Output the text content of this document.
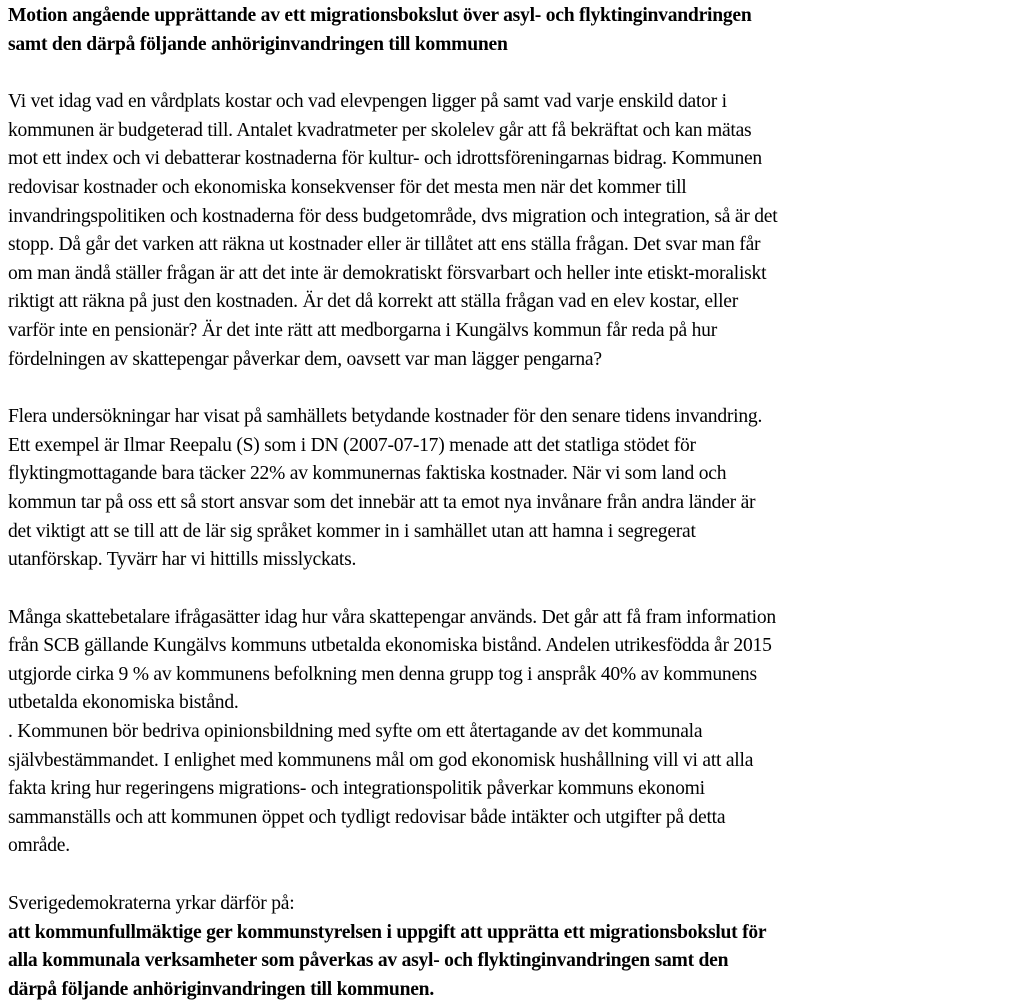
Motion angående upprättande av ett migrationsbokslut över asyl- och flyktinginvandringen
samt den därpå följande anhöriginvandringen till kommunen

Vi vet idag vad en vårdplats kostar och vad elevpengen ligger på samt vad varje enskild dator i
kommunen är budgeterad till. Antalet kvadratmeter per skolelev går att få bekräftat och kan mätas
mot ett index och vi debatterar kostnaderna för kultur- och idrottsföreningarnas bidrag. Kommunen
redovisar kostnader och ekonomiska konsekvenser för det mesta men när det kommer till
invandringspolitiken och kostnaderna för dess budgetområde, dvs migration och integration, så är det
stopp. Då går det varken att räkna ut kostnader eller är tillåtet att ens ställa frågan. Det svar man får
om man ändå ställer frågan är att det inte är demokratiskt försvarbart och heller inte etiskt-moraliskt
riktigt att räkna på just den kostnaden. Är det då korrekt att ställa frågan vad en elev kostar, eller
varför inte en pensionär? Är det inte rätt att medborgarna i Kungälvs kommun får reda på hur
fördelningen av skattepengar påverkar dem, oavsett var man lägger pengarna?

Flera undersökningar har visat på samhällets betydande kostnader för den senare tidens invandring.
Ett exempel är Ilmar Reepalu (S) som i DN (2007-07-17) menade att det statliga stödet för
flyktingmottagande bara täcker 22% av kommunernas faktiska kostnader. När vi som land och
kommun tar på oss ett så stort ansvar som det innebär att ta emot nya invånare från andra länder är
det viktigt att se till att de lär sig språket kommer in i samhället utan att hamna i segregerat
utanförskap. Tyvärr har vi hittills misslyckats.

Många skattebetalare ifrågasätter idag hur våra skattepengar används. Det går att få fram information
från SCB gällande Kungälvs kommuns utbetalda ekonomiska bistånd. Andelen utrikesfödda år 2015
utgjorde cirka 9 % av kommunens befolkning men denna grupp tog i anspråk 40% av kommunens
utbetalda ekonomiska bistånd.
. Kommunen bör bedriva opinionsbildning med syfte om ett återtagande av det kommunala
självbestämmandet. I enlighet med kommunens mål om god ekonomisk hushållning vill vi att alla
fakta kring hur regeringens migrations- och integrationspolitik påverkar kommuns ekonomi
sammanställs och att kommunen öppet och tydligt redovisar både intäkter och utgifter på detta
område.

Sverigedemokraterna yrkar därför på:

att kommunfullmäktige ger kommunstyrelsen i uppgift att upprätta ett migrationsbokslut för
alla kommunala verksamheter som påverkas av asyl- och flyktinginvandringen samt den
därpå följande anhöriginvandringen till kommunen.
